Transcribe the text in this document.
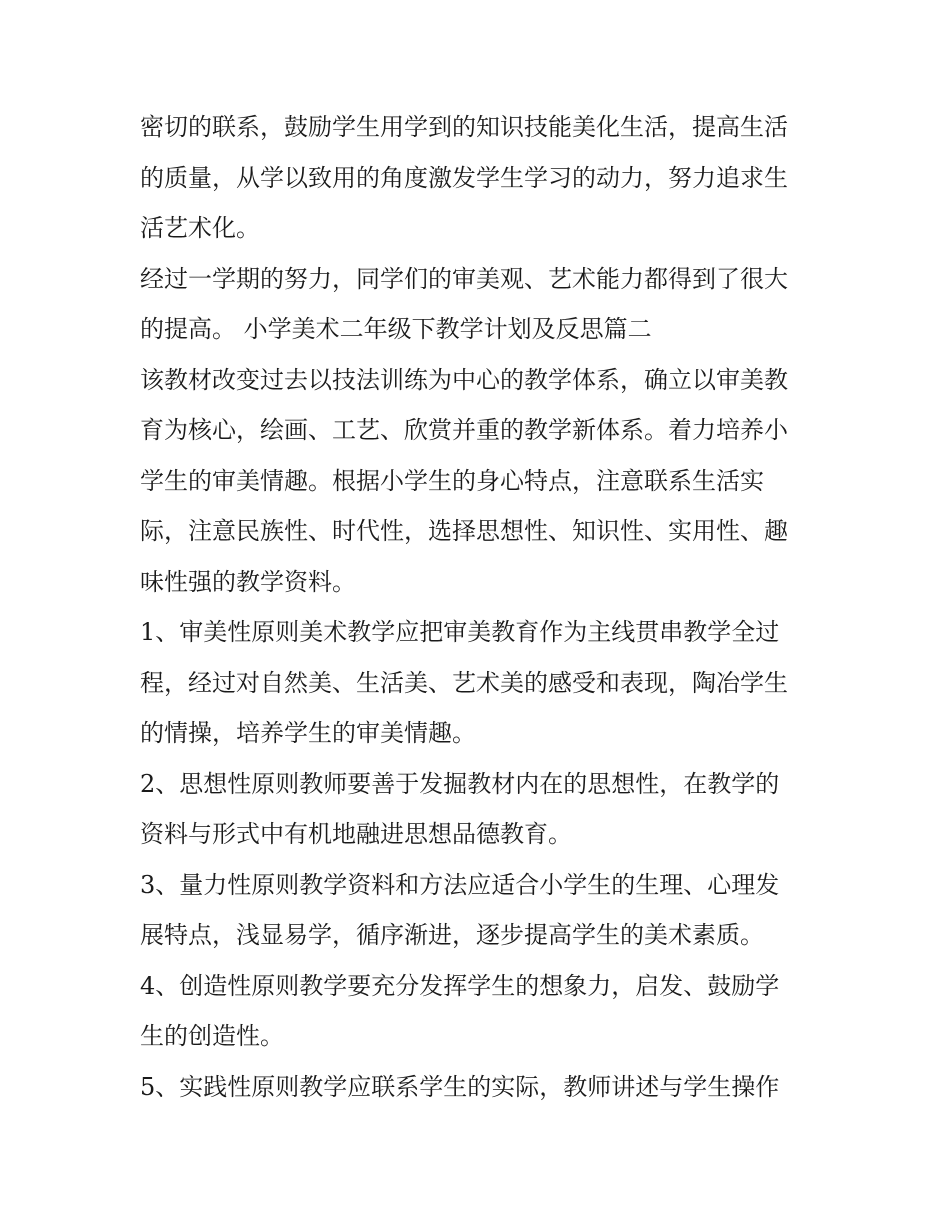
密切的联系，鼓励学生用学到的知识技能美化生活，提高生活
的质量，从学以致用的角度激发学生学习的动力，努力追求生
活艺术化。

经过一学期的努力，同学们的审美观、艺术能力都得到了很大
的提高。 小学美术二年级下教学计划及反思篇二

该教材改变过去以技法训练为中心的教学体系，确立以审美教
育为核心，绘画、工艺、欣赏并重的教学新体系。着力培养小
学生的审美情趣。根据小学生的身心特点，注意联系生活实
际，注意民族性、时代性，选择思想性、知识性、实用性、趣
味性强的教学资料。

1、审美性原则美术教学应把审美教育作为主线贯串教学全过
程，经过对自然美、生活美、艺术美的感受和表现，陶冶学生
的情操，培养学生的审美情趣。

2、思想性原则教师要善于发掘教材内在的思想性，在教学的
资料与形式中有机地融进思想品德教育。

3、量力性原则教学资料和方法应适合小学生的生理、心理发
展特点，浅显易学，循序渐进，逐步提高学生的美术素质。

4、创造性原则教学要充分发挥学生的想象力，启发、鼓励学
生的创造性。

5、实践性原则教学应联系学生的实际，教师讲述与学生操作
